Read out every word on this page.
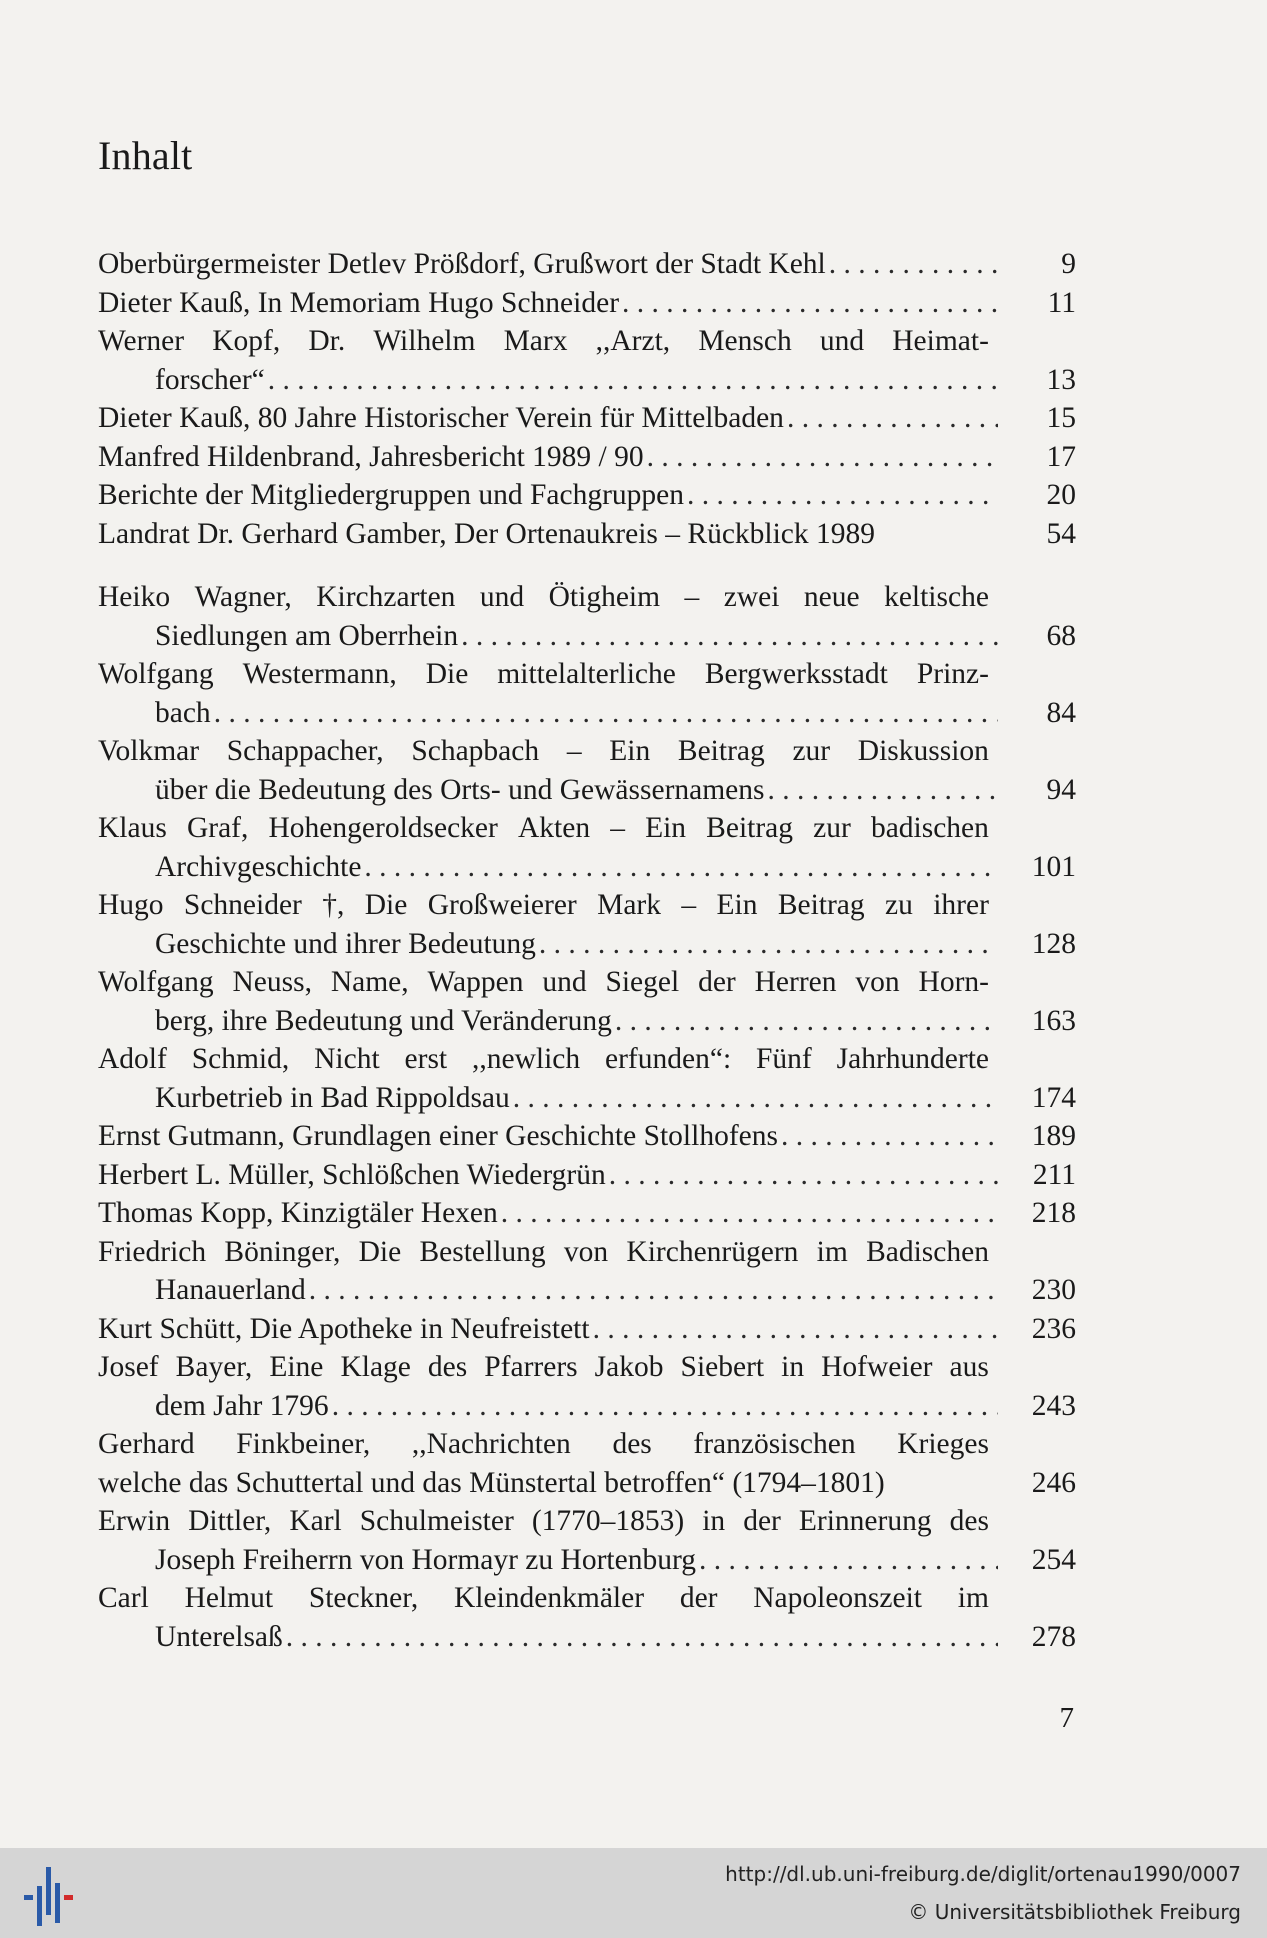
Inhalt
Oberbürgermeister Detlev Prößdorf, Grußwort der Stadt Kehl . . .	9
Dieter Kauß, In Memoriam Hugo Schneider . . .	11
Werner Kopf, Dr. Wilhelm Marx ,,Arzt, Mensch und Heimat-
forscher“ . . .	13
Dieter Kauß, 80 Jahre Historischer Verein für Mittelbaden . . .	15
Manfred Hildenbrand, Jahresbericht 1989 / 90 . . .	17
Berichte der Mitgliedergruppen und Fachgruppen . . .	20
Landrat Dr. Gerhard Gamber, Der Ortenaukreis – Rückblick 1989	54
Heiko Wagner, Kirchzarten und Ötigheim – zwei neue keltische
Siedlungen am Oberrhein . . .	68
Wolfgang Westermann, Die mittelalterliche Bergwerksstadt Prinz-
bach . . .	84
Volkmar Schappacher, Schapbach – Ein Beitrag zur Diskussion
über die Bedeutung des Orts- und Gewässernamens . . .	94
Klaus Graf, Hohengeroldsecker Akten – Ein Beitrag zur badischen
Archivgeschichte . . .	101
Hugo Schneider †, Die Großweierer Mark – Ein Beitrag zu ihrer
Geschichte und ihrer Bedeutung . . .	128
Wolfgang Neuss, Name, Wappen und Siegel der Herren von Horn-
berg, ihre Bedeutung und Veränderung . . .	163
Adolf Schmid, Nicht erst ,,newlich erfunden“: Fünf Jahrhunderte
Kurbetrieb in Bad Rippoldsau . . .	174
Ernst Gutmann, Grundlagen einer Geschichte Stollhofens . . .	189
Herbert L. Müller, Schlößchen Wiedergrün . . .	211
Thomas Kopp, Kinzigtäler Hexen . . .	218
Friedrich Böninger, Die Bestellung von Kirchenrügern im Badischen
Hanauerland . . .	230
Kurt Schütt, Die Apotheke in Neufreistett . . .	236
Josef Bayer, Eine Klage des Pfarrers Jakob Siebert in Hofweier aus
dem Jahr 1796 . . .	243
Gerhard Finkbeiner, ,,Nachrichten des französischen Krieges
welche das Schuttertal und das Münstertal betroffen“ (1794–1801)	246
Erwin Dittler, Karl Schulmeister (1770–1853) in der Erinnerung des
Joseph Freiherrn von Hormayr zu Hortenburg . . .	254
Carl Helmut Steckner, Kleindenkmäler der Napoleonszeit im
Unterelsaß . . .	278
7
http://dl.ub.uni-freiburg.de/diglit/ortenau1990/0007
© Universitätsbibliothek Freiburg
